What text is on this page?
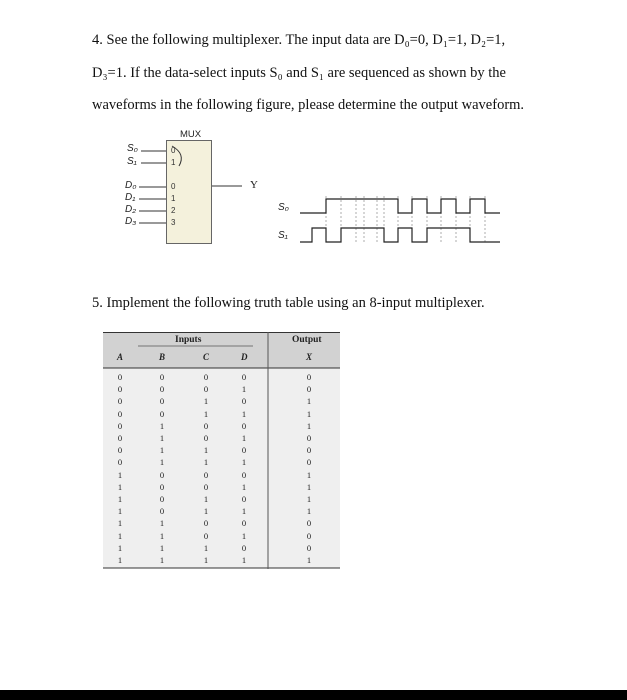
4. See the following multiplexer. The input data are D₀=0, D₁=1, D₂=1,
D₃=1. If the data-select inputs S₀ and S₁ are sequenced as shown by the
waveforms in the following figure, please determine the output waveform.
MUX
S₀
S₁
0
1
D₀
D₁
D₂
D₃
0
1
2
3
Y
S₀
S₁
5. Implement the following truth table using an 8-input multiplexer.
Inputs	Output
A	B	C	D	X
0	0	0	0	0
0	0	0	1	0
0	0	1	0	1
0	0	1	1	1
0	1	0	0	1
0	1	0	1	0
0	1	1	0	0
0	1	1	1	0
1	0	0	0	1
1	0	0	1	1
1	0	1	0	1
1	0	1	1	1
1	1	0	0	0
1	1	0	1	0
1	1	1	0	0
1	1	1	1	1
